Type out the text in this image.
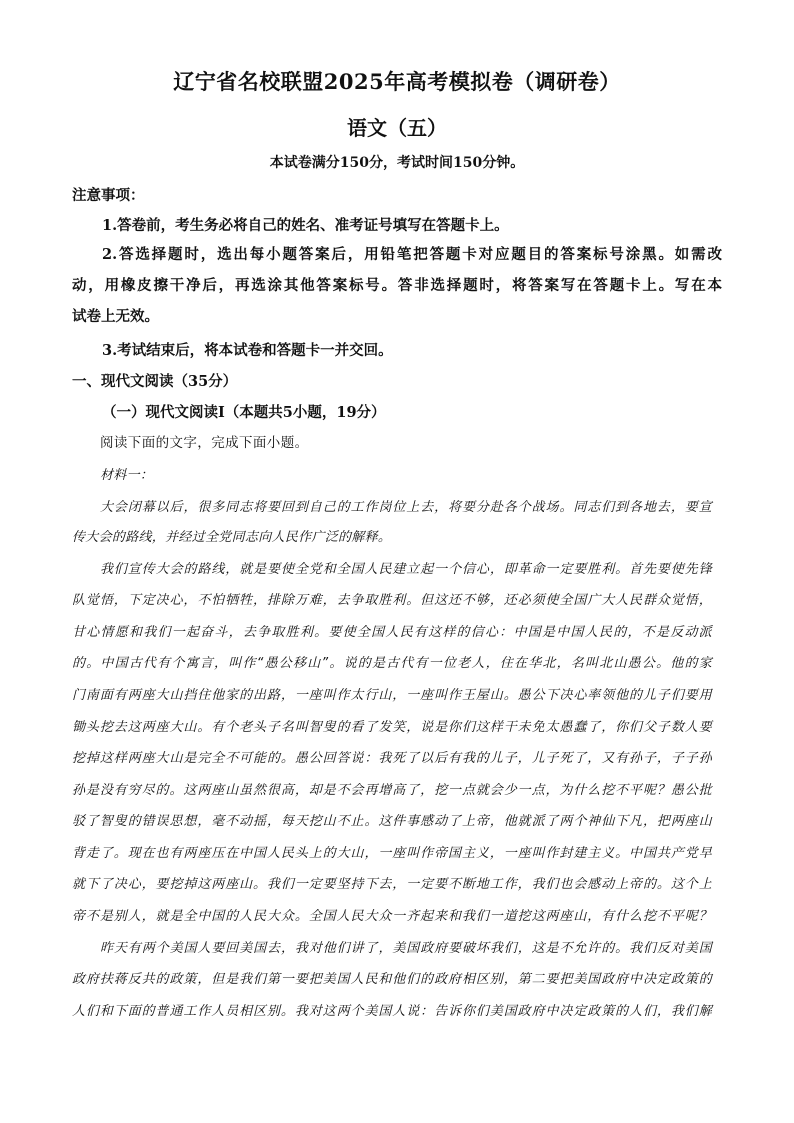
辽宁省名校联盟2025年高考模拟卷（调研卷）
语文（五）
本试卷满分150分，考试时间150分钟。
注意事项：
1.答卷前，考生务必将自己的姓名、准考证号填写在答题卡上。
2.答选择题时，选出每小题答案后，用铅笔把答题卡对应题目的答案标号涂黑。如需改
动，用橡皮擦干净后，再选涂其他答案标号。答非选择题时，将答案写在答题卡上。写在本
试卷上无效。
3.考试结束后，将本试卷和答题卡一并交回。
一、现代文阅读（35分）
（一）现代文阅读Ⅰ（本题共5小题，19分）
阅读下面的文字，完成下面小题。
材料一：
大会闭幕以后，很多同志将要回到自己的工作岗位上去，将要分赴各个战场。同志们到各地去，要宣
传大会的路线，并经过全党同志向人民作广泛的解释。
我们宣传大会的路线，就是要使全党和全国人民建立起一个信心，即革命一定要胜利。首先要使先锋
队觉悟，下定决心，不怕牺牲，排除万难，去争取胜利。但这还不够，还必须使全国广大人民群众觉悟，
甘心情愿和我们一起奋斗，去争取胜利。要使全国人民有这样的信心：中国是中国人民的，不是反动派
的。中国古代有个寓言，叫作“愚公移山”。说的是古代有一位老人，住在华北，名叫北山愚公。他的家
门南面有两座大山挡住他家的出路，一座叫作太行山，一座叫作王屋山。愚公下决心率领他的儿子们要用
锄头挖去这两座大山。有个老头子名叫智叟的看了发笑，说是你们这样干未免太愚蠢了，你们父子数人要
挖掉这样两座大山是完全不可能的。愚公回答说：我死了以后有我的儿子，儿子死了，又有孙子，子子孙
孙是没有穷尽的。这两座山虽然很高，却是不会再增高了，挖一点就会少一点，为什么挖不平呢？愚公批
驳了智叟的错误思想，毫不动摇，每天挖山不止。这件事感动了上帝，他就派了两个神仙下凡，把两座山
背走了。现在也有两座压在中国人民头上的大山，一座叫作帝国主义，一座叫作封建主义。中国共产党早
就下了决心，要挖掉这两座山。我们一定要坚持下去，一定要不断地工作，我们也会感动上帝的。这个上
帝不是别人，就是全中国的人民大众。全国人民大众一齐起来和我们一道挖这两座山，有什么挖不平呢？
昨天有两个美国人要回美国去，我对他们讲了，美国政府要破坏我们，这是不允许的。我们反对美国
政府扶蒋反共的政策，但是我们第一要把美国人民和他们的政府相区别，第二要把美国政府中决定政策的
人们和下面的普通工作人员相区别。我对这两个美国人说：告诉你们美国政府中决定政策的人们，我们解
